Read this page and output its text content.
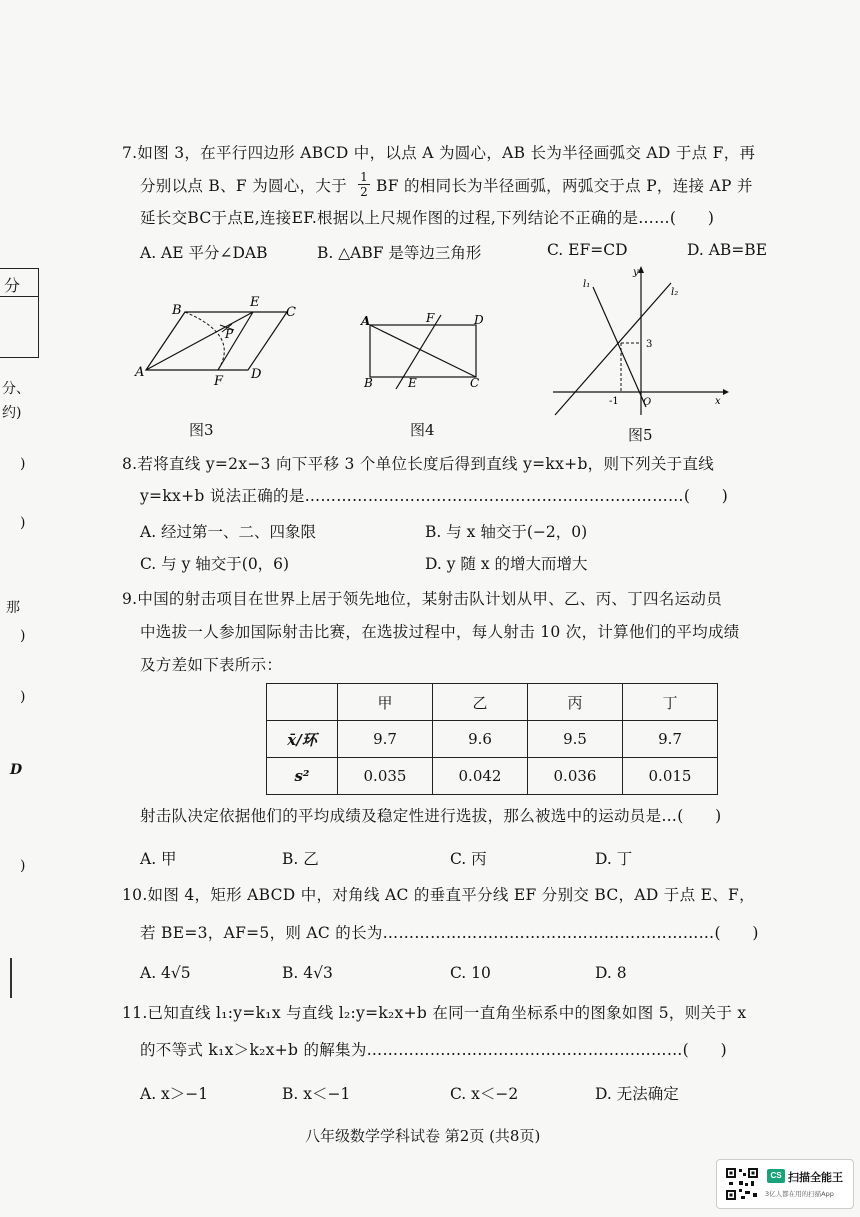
分
分、
约)
)
)
那
)
)
D
)
7.如图 3，在平行四边形 ABCD 中，以点 A 为圆心，AB 长为半径画弧交 AD 于点 F，再
分别以点 B、F 为圆心，大于 1
2 BF 的相同长为半径画弧，两弧交于点 P，连接 AP 并
延长交BC于点E,连接EF.根据以上尺规作图的过程,下列结论不正确的是……(　　)
A. AE 平分∠DAB	B. △ABF 是等边三角形	C. EF=CD	D. AB=BE
B
E
C
P
A
F D
图3
A	F	D
B	E	C
图4
l₁
y
l₂
3
-1 O	x
图5
8.若将直线 y=2x−3 向下平移 3 个单位长度后得到直线 y=kx+b，则下列关于直线
y=kx+b 说法正确的是………………………………………………………………(　　)
A. 经过第一、二、四象限	B. 与 x 轴交于(−2，0)
C. 与 y 轴交于(0，6)	D. y 随 x 的增大而增大
9.中国的射击项目在世界上居于领先地位，某射击队计划从甲、乙、丙、丁四名运动员
中选拔一人参加国际射击比赛，在选拔过程中，每人射击 10 次，计算他们的平均成绩
及方差如下表所示：
	甲	乙	丙	丁
x̄/环	9.7	9.6	9.5	9.7
s²	0.035	0.042	0.036	0.015
射击队决定依据他们的平均成绩及稳定性进行选拔，那么被选中的运动员是…(　　)
A. 甲	B. 乙	C. 丙	D. 丁
10.如图 4，矩形 ABCD 中，对角线 AC 的垂直平分线 EF 分别交 BC，AD 于点 E、F，
若 BE=3，AF=5，则 AC 的长为………………………………………………………(　　)
A. 4√5	B. 4√3	C. 10	D. 8
11.已知直线 l₁:y=k₁x 与直线 l₂:y=k₂x+b 在同一直角坐标系中的图象如图 5，则关于 x
的不等式 k₁x＞k₂x+b 的解集为……………………………………………………(　　)
A. x＞−1	B. x＜−1	C. x＜−2	D. 无法确定
八年级数学学科试卷 第2页 (共8页)
CS 扫描全能王
3亿人都在用的扫描App
